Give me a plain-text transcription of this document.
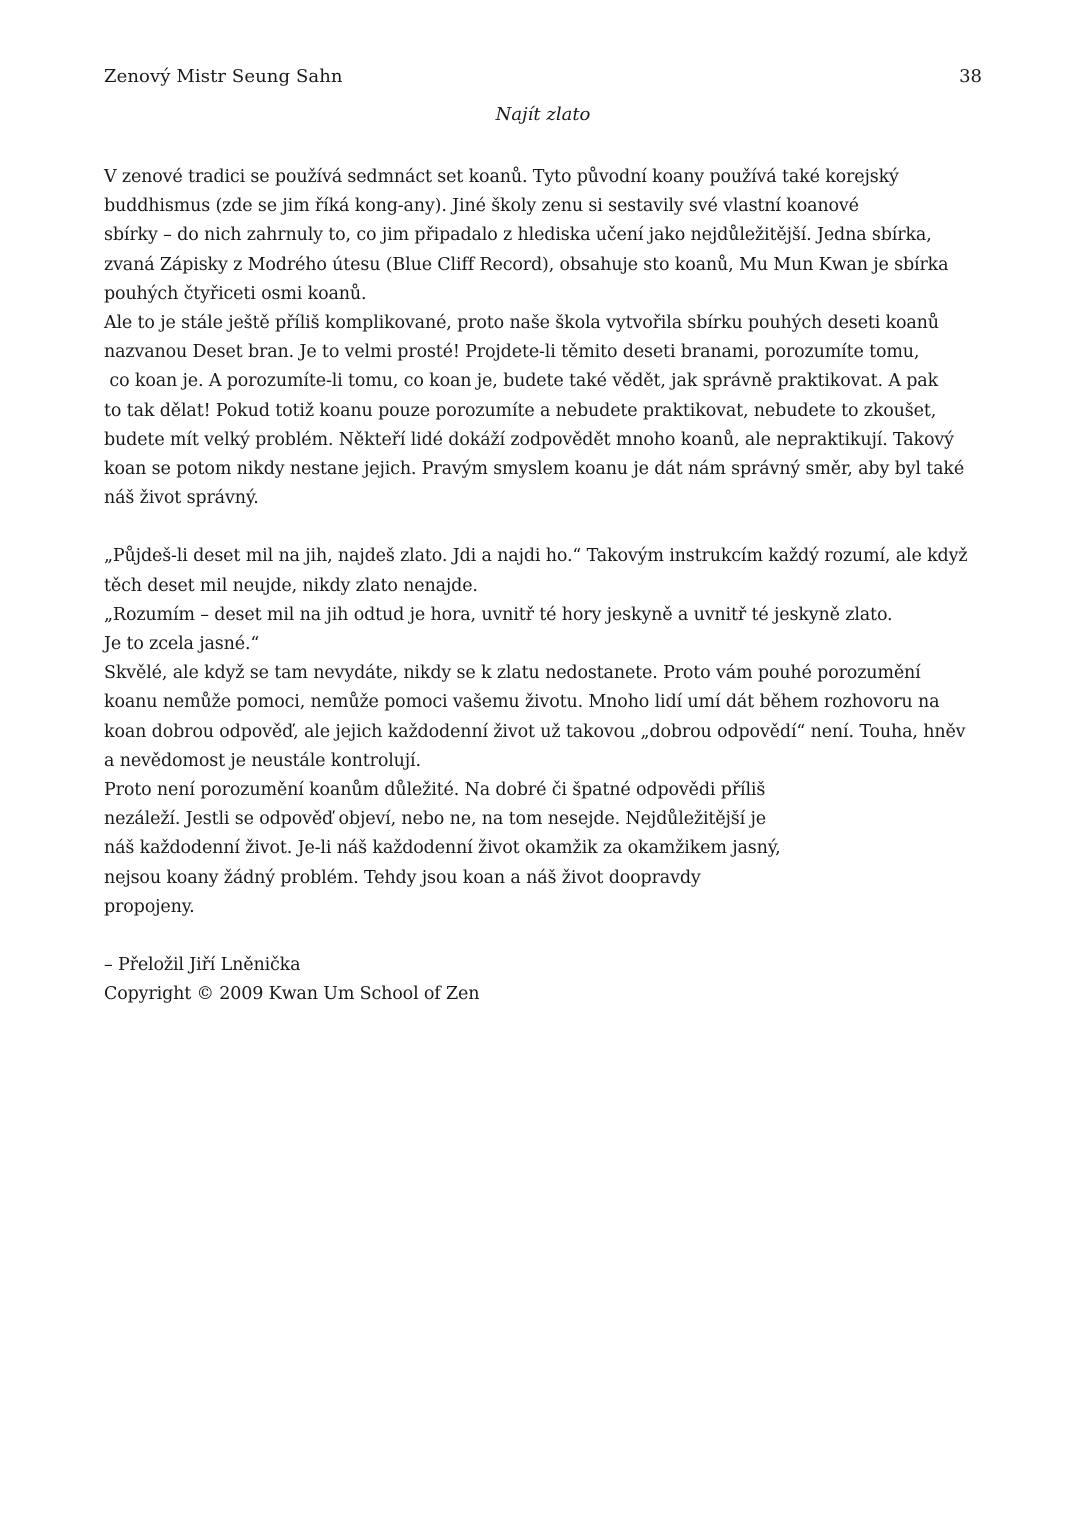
Zenový Mistr Seung Sahn	38
Najít zlato
V zenové tradici se používá sedmnáct set koanů. Tyto původní koany používá také korejský
buddhismus (zde se jim říká kong-any). Jiné školy zenu si sestavily své vlastní koanové
sbírky – do nich zahrnuly to, co jim připadalo z hlediska učení jako nejdůležitější. Jedna sbírka,
zvaná Zápisky z Modrého útesu (Blue Cliff Record), obsahuje sto koanů, Mu Mun Kwan je sbírka
pouhých čtyřiceti osmi koanů.
Ale to je stále ještě příliš komplikované, proto naše škola vytvořila sbírku pouhých deseti koanů
nazvanou Deset bran. Je to velmi prosté! Projdete-li těmito deseti branami, porozumíte tomu,
co koan je. A porozumíte-li tomu, co koan je, budete také vědět, jak správně praktikovat. A pak
to tak dělat! Pokud totiž koanu pouze porozumíte a nebudete praktikovat, nebudete to zkoušet,
budete mít velký problém. Někteří lidé dokáží zodpovědět mnoho koanů, ale nepraktikují. Takový
koan se potom nikdy nestane jejich. Pravým smyslem koanu je dát nám správný směr, aby byl také
náš život správný.
„Půjdeš-li deset mil na jih, najdeš zlato. Jdi a najdi ho.“ Takovým instrukcím každý rozumí, ale když
těch deset mil neujde, nikdy zlato nenajde.
„Rozumím – deset mil na jih odtud je hora, uvnitř té hory jeskyně a uvnitř té jeskyně zlato.
Je to zcela jasné.“
Skvělé, ale když se tam nevydáte, nikdy se k zlatu nedostanete. Proto vám pouhé porozumění
koanu nemůže pomoci, nemůže pomoci vašemu životu. Mnoho lidí umí dát během rozhovoru na
koan dobrou odpověď, ale jejich každodenní život už takovou „dobrou odpovědí“ není. Touha, hněv
a nevědomost je neustále kontrolují.
Proto není porozumění koanům důležité. Na dobré či špatné odpovědi příliš
nezáleží. Jestli se odpověď objeví, nebo ne, na tom nesejde. Nejdůležitější je
náš každodenní život. Je-li náš každodenní život okamžik za okamžikem jasný,
nejsou koany žádný problém. Tehdy jsou koan a náš život doopravdy
propojeny.
– Přeložil Jiří Lněnička
Copyright © 2009 Kwan Um School of Zen
